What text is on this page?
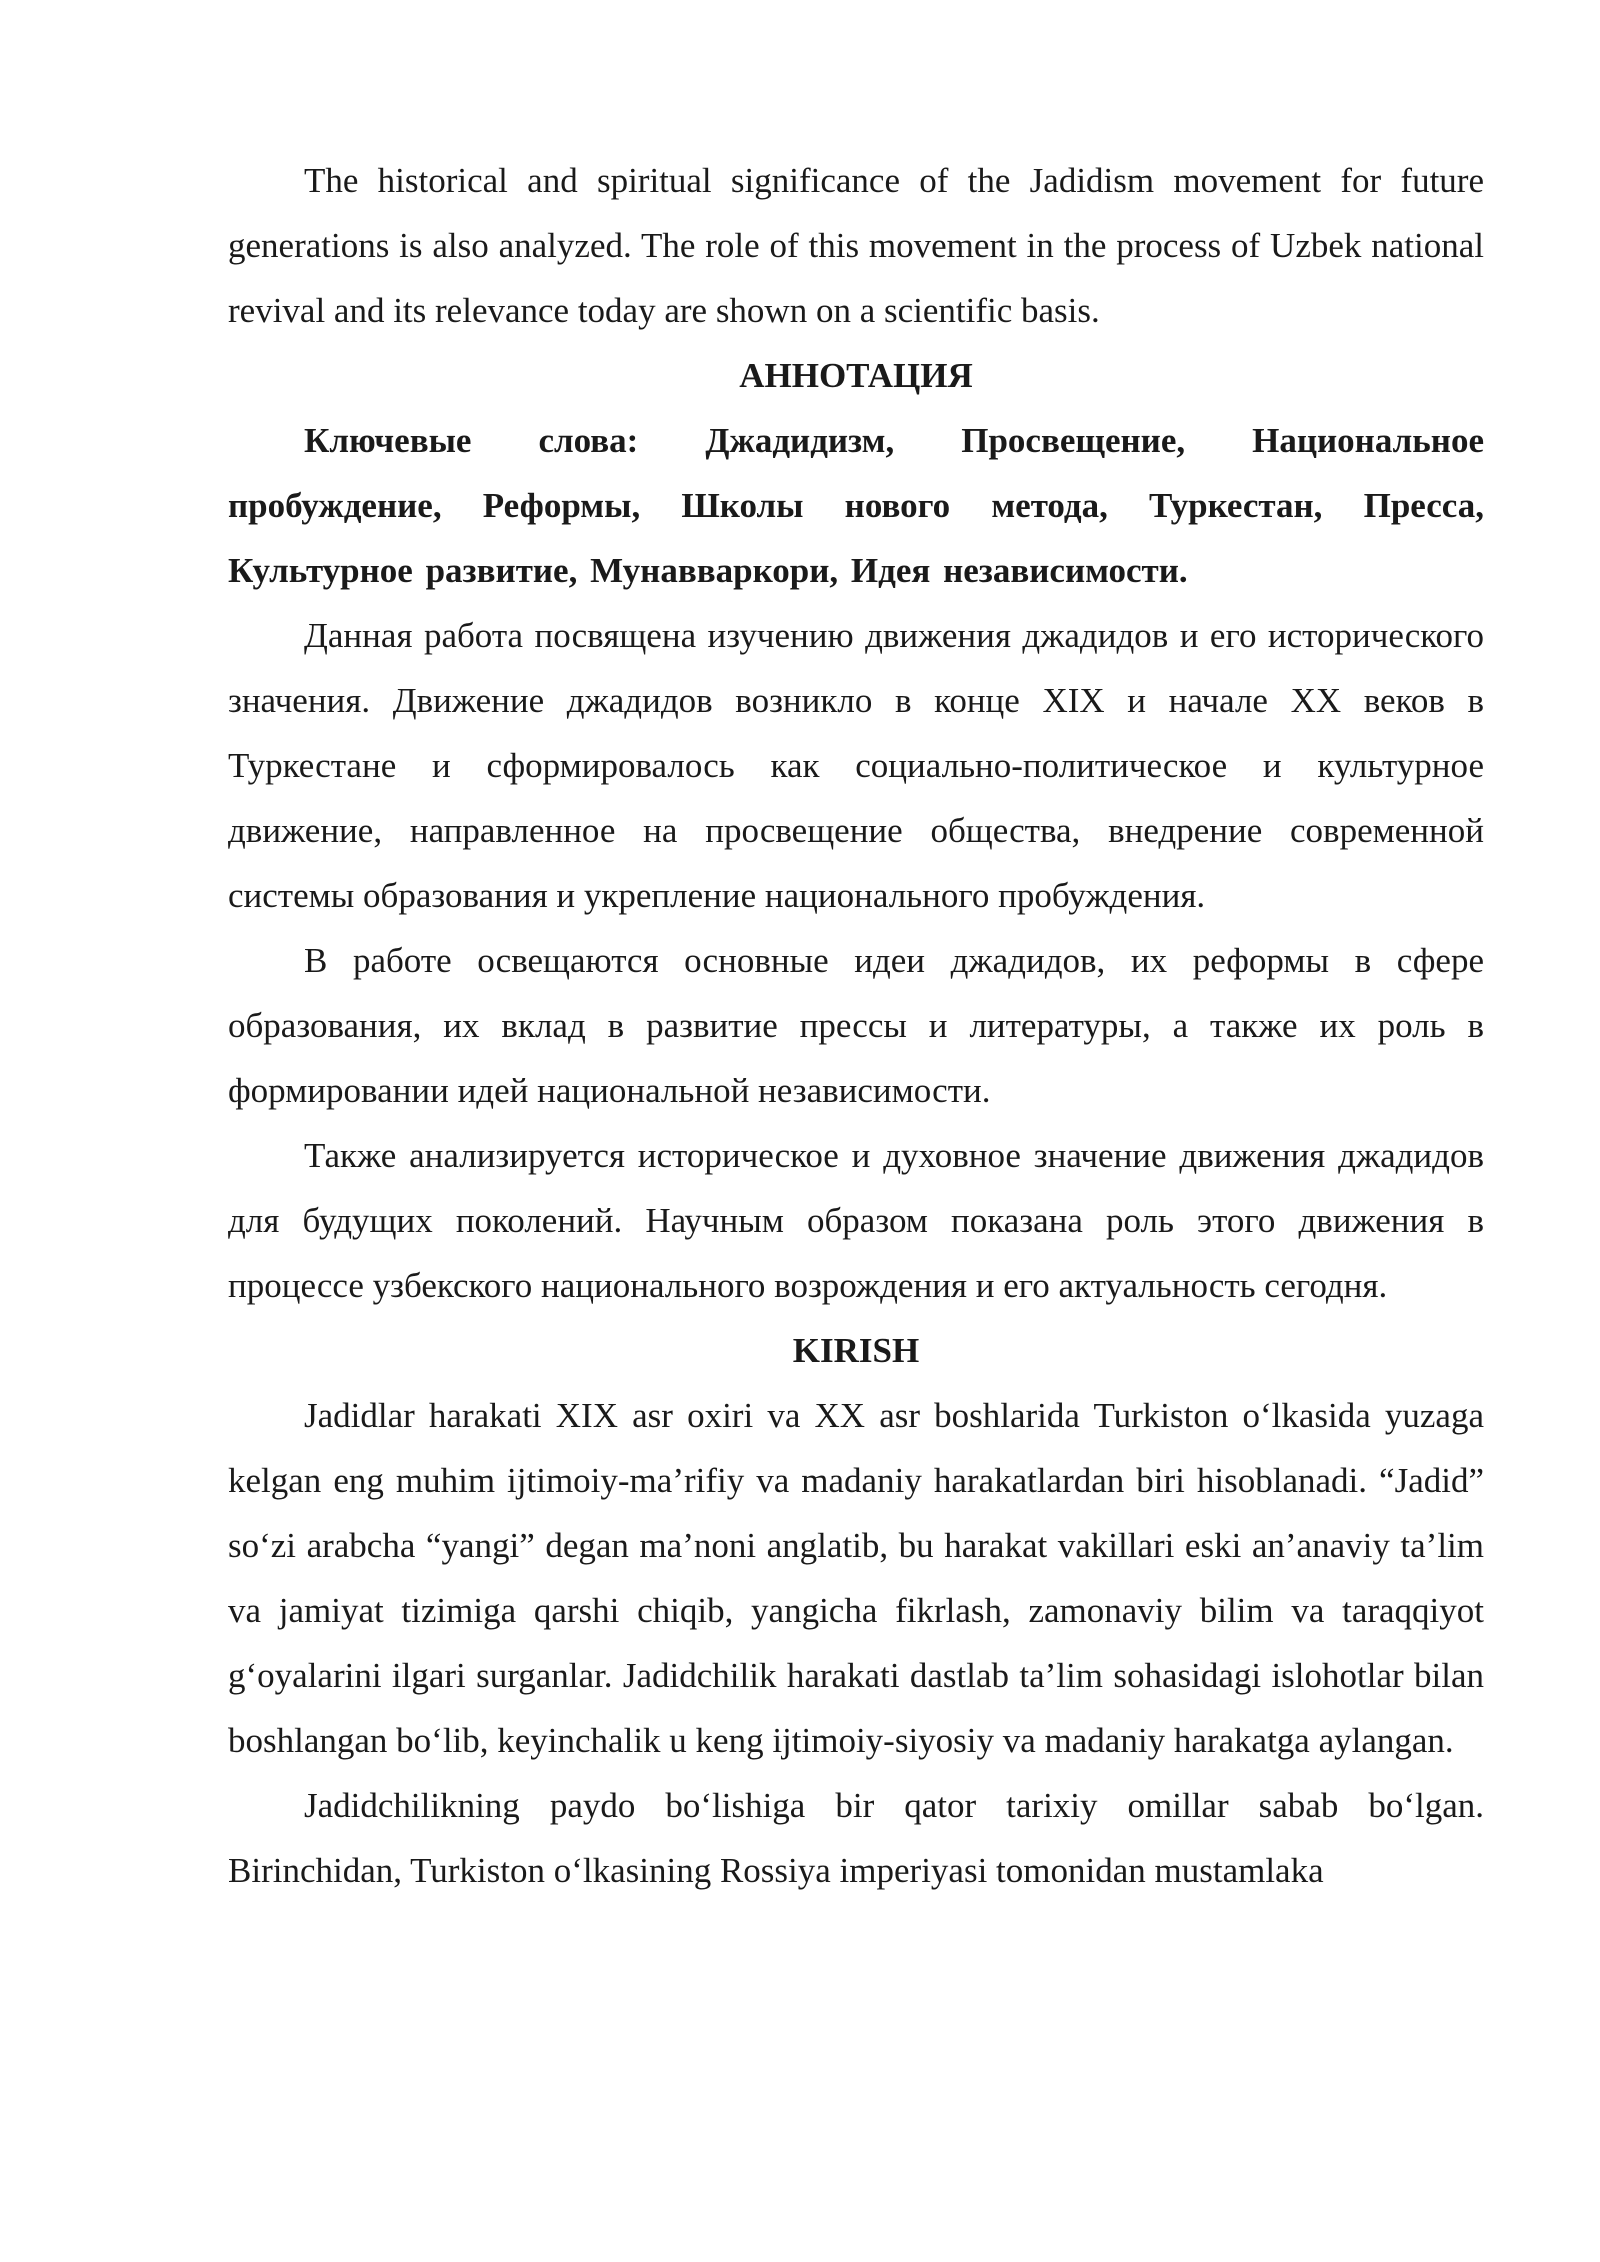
The historical and spiritual significance of the Jadidism movement for future generations is also analyzed. The role of this movement in the process of Uzbek national revival and its relevance today are shown on a scientific basis.

АННОТАЦИЯ

Ключевые слова: Джадидизм, Просвещение, Национальное пробуждение, Реформы, Школы нового метода, Туркестан, Пресса, Культурное развитие, Мунавваркори, Идея независимости.

Данная работа посвящена изучению движения джадидов и его исторического значения. Движение джадидов возникло в конце XIX и начале XX веков в Туркестане и сформировалось как социально-политическое и культурное движение, направленное на просвещение общества, внедрение современной системы образования и укрепление национального пробуждения.

В работе освещаются основные идеи джадидов, их реформы в сфере образования, их вклад в развитие прессы и литературы, а также их роль в формировании идей национальной независимости.

Также анализируется историческое и духовное значение движения джадидов для будущих поколений. Научным образом показана роль этого движения в процессе узбекского национального возрождения и его актуальность сегодня.

KIRISH

Jadidlar harakati XIX asr oxiri va XX asr boshlarida Turkiston o‘lkasida yuzaga kelgan eng muhim ijtimoiy-ma’rifiy va madaniy harakatlardan biri hisoblanadi. “Jadid” so‘zi arabcha “yangi” degan ma’noni anglatib, bu harakat vakillari eski an’anaviy ta’lim va jamiyat tizimiga qarshi chiqib, yangicha fikrlash, zamonaviy bilim va taraqqiyot g‘oyalarini ilgari surganlar. Jadidchilik harakati dastlab ta’lim sohasidagi islohotlar bilan boshlangan bo‘lib, keyinchalik u keng ijtimoiy-siyosiy va madaniy harakatga aylangan.

Jadidchilikning paydo bo‘lishiga bir qator tarixiy omillar sabab bo‘lgan. Birinchidan, Turkiston o‘lkasining Rossiya imperiyasi tomonidan mustamlaka
